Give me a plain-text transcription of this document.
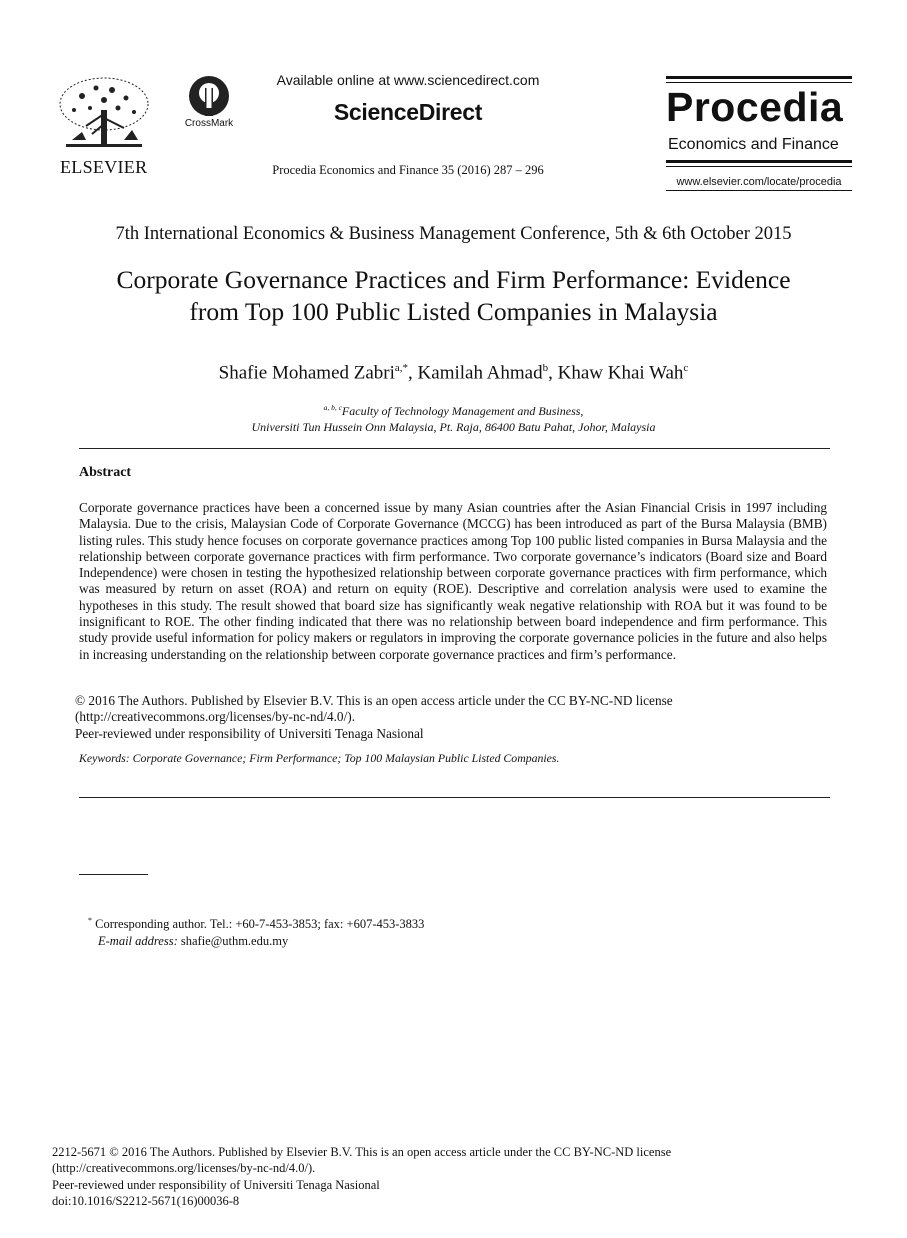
ELSEVIER
CrossMark
Available online at www.sciencedirect.com
ScienceDirect
Procedia Economics and Finance 35 (2016) 287 – 296
Procedia
Economics and Finance
www.elsevier.com/locate/procedia
7th International Economics & Business Management Conference, 5th & 6th October 2015
Corporate Governance Practices and Firm Performance: Evidence
from Top 100 Public Listed Companies in Malaysia
Shafie Mohamed Zabri$^{a,*}$, Kamilah Ahmad$^b$, Khaw Khai Wah$^c$
$^{a, b, c}$Faculty of Technology Management and Business,
Universiti Tun Hussein Onn Malaysia, Pt. Raja, 86400 Batu Pahat, Johor, Malaysia
Abstract
Corporate governance practices have been a concerned issue by many Asian countries after the Asian Financial Crisis in 1997 including Malaysia. Due to the crisis, Malaysian Code of Corporate Governance (MCCG) has been introduced as part of the Bursa Malaysia (BMB) listing rules. This study hence focuses on corporate governance practices among Top 100 public listed companies in Bursa Malaysia and the relationship between corporate governance practices with firm performance. Two corporate governance’s indicators (Board size and Board Independence) were chosen in testing the hypothesized relationship between corporate governance practices with firm performance, which was measured by return on asset (ROA) and return on equity (ROE). Descriptive and correlation analysis were used to examine the hypotheses in this study. The result showed that board size has significantly weak negative relationship with ROA but it was found to be insignificant to ROE. The other finding indicated that there was no relationship between board independence and firm performance. This study provide useful information for policy makers or regulators in improving the corporate governance policies in the future and also helps in increasing understanding on the relationship between corporate governance practices and firm’s performance.
© 2016 The Authors. Published by Elsevier B.V. This is an open access article under the CC BY-NC-ND license
(http://creativecommons.org/licenses/by-nc-nd/4.0/).
Peer-reviewed under responsibility of Universiti Tenaga Nasional
Keywords: Corporate Governance; Firm Performance; Top 100 Malaysian Public Listed Companies.
* Corresponding author. Tel.: +60-7-453-3853; fax: +607-453-3833
E-mail address: shafie@uthm.edu.my
2212-5671 © 2016 The Authors. Published by Elsevier B.V. This is an open access article under the CC BY-NC-ND license
(http://creativecommons.org/licenses/by-nc-nd/4.0/).
Peer-reviewed under responsibility of Universiti Tenaga Nasional
doi:10.1016/S2212-5671(16)00036-8
